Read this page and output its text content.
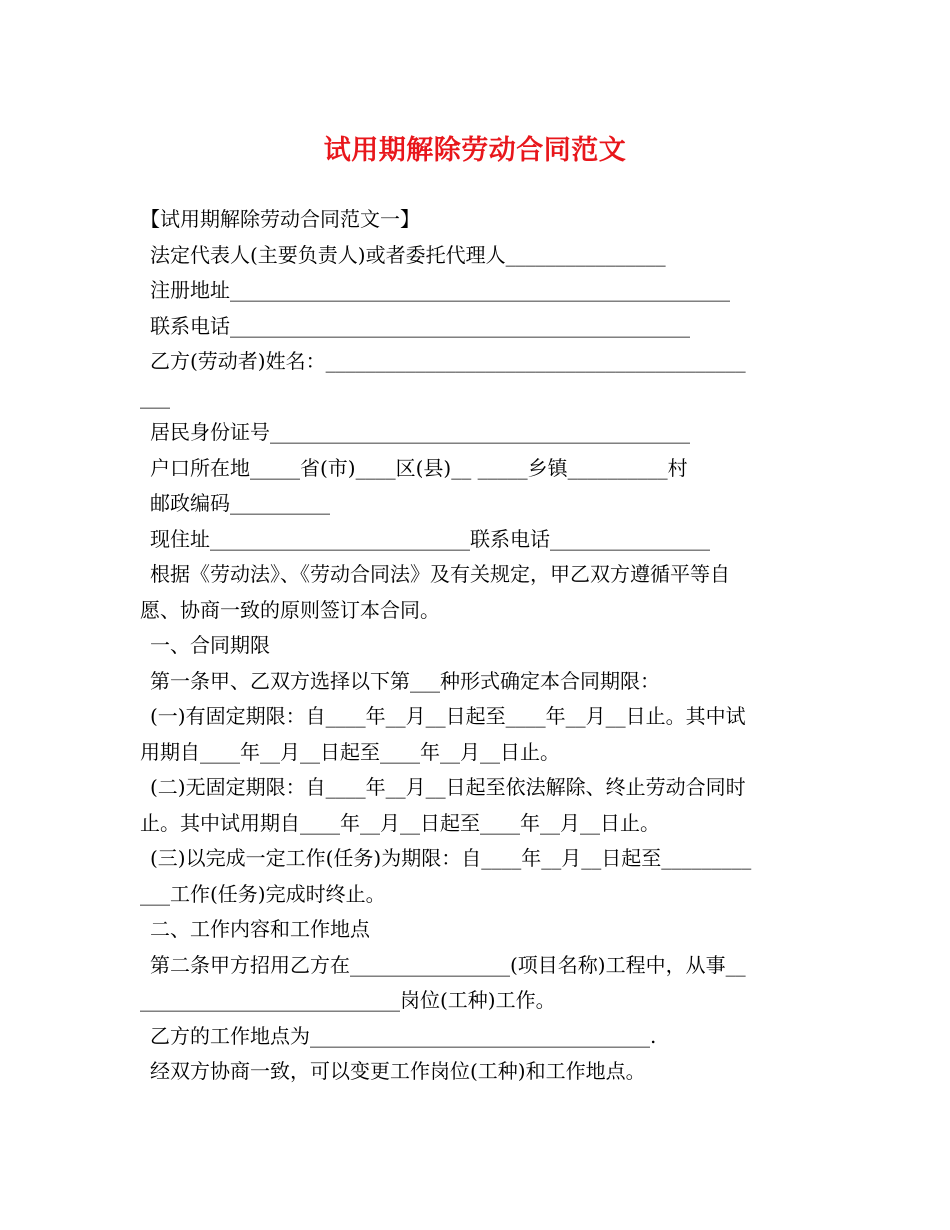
试用期解除劳动合同范文
【试用期解除劳动合同范文一】
法定代表人(主要负责人)或者委托代理人________________
注册地址__________________________________________________
联系电话______________________________________________
乙方(劳动者)姓名：__________________________________________
___
居民身份证号__________________________________________
户口所在地_____省(市)____区(县)__ _____乡镇__________村
邮政编码__________
现住址__________________________联系电话________________
根据《劳动法》、《劳动合同法》及有关规定，甲乙双方遵循平等自
愿、协商一致的原则签订本合同。
一、合同期限
第一条甲、乙双方选择以下第___种形式确定本合同期限：
(一)有固定期限：自____年__月__日起至____年__月__日止。其中试
用期自____年__月__日起至____年__月__日止。
(二)无固定期限：自____年__月__日起至依法解除、终止劳动合同时
止。其中试用期自____年__月__日起至____年__月__日止。
(三)以完成一定工作(任务)为期限：自____年__月__日起至_________
___工作(任务)完成时终止。
二、工作内容和工作地点
第二条甲方招用乙方在________________(项目名称)工程中，从事__
__________________________岗位(工种)工作。
乙方的工作地点为__________________________________.
经双方协商一致，可以变更工作岗位(工种)和工作地点。
